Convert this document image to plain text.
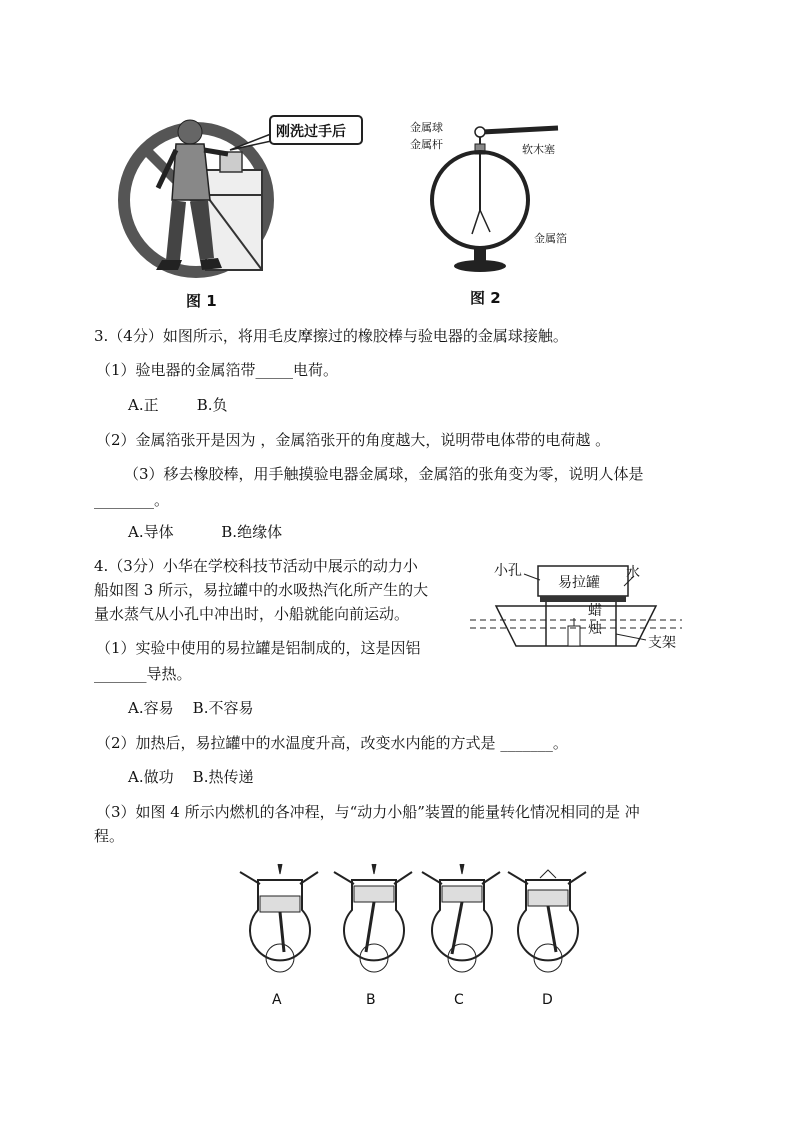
刚洗过手后
图 1
金属球
金属杆	软木塞
金属箔
图 2
3.（4分）如图所示，将用毛皮摩擦过的橡胶棒与验电器的金属球接触。
（1）验电器的金属箔带_____电荷。
A.正        B.负
（2）金属箔张开是因为 ，金属箔张开的角度越大，说明带电体带的电荷越 。
（3）移去橡胶棒，用手触摸验电器金属球，金属箔的张角变为零，说明人体是
________。
A.导体          B.绝缘体
4.（3分）小华在学校科技节活动中展示的动力小
船如图 3 所示，易拉罐中的水吸热汽化所产生的大
量水蒸气从小孔中冲出时，小船就能向前运动。
（1）实验中使用的易拉罐是铝制成的，这是因铝
_______导热。
A.容易    B.不容易
（2）加热后，易拉罐中的水温度升高，改变水内能的方式是 _______。
A.做功    B.热传递
（3）如图 4 所示内燃机的各冲程，与“动力小船”装置的能量转化情况相同的是 冲
程。
小孔
易拉罐
水
蜡
烛
支架
A	B	C	D
